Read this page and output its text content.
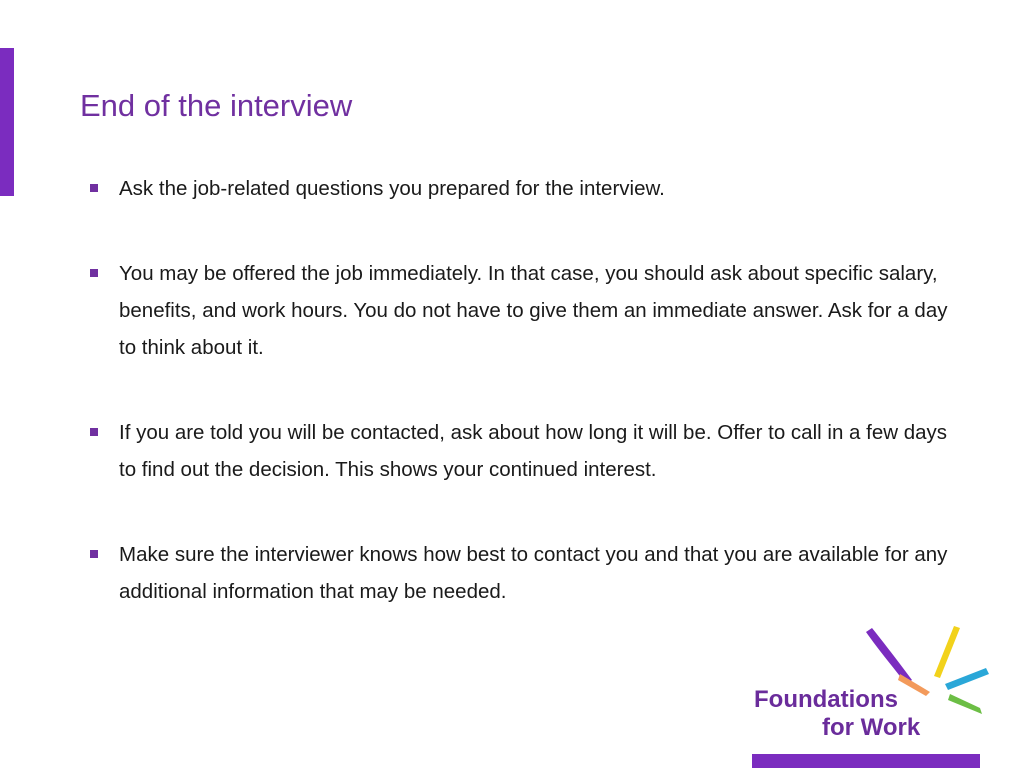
End of the interview
Ask the job-related questions you prepared for the interview.
You may be offered the job immediately. In that case, you should ask about specific salary, benefits, and work hours. You do not have to give them an immediate answer. Ask for a day to think about it.
If you are told you will be contacted, ask about how long it will be. Offer to call in a few days to find out the decision. This shows your continued interest.
Make sure the interviewer knows how best to contact you and that you are available for any additional information that may be needed.
Foundations
for Work
